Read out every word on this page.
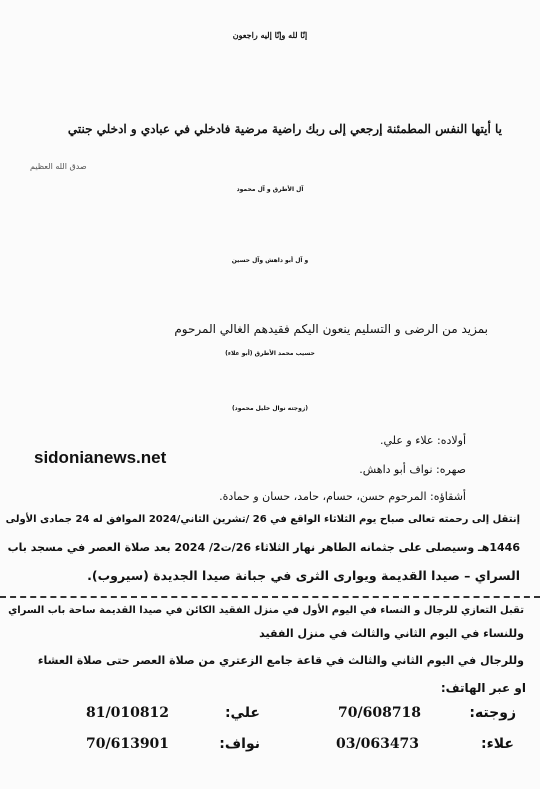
إنّا لله وإنّا إليه راجعون
يا أيتها النفس المطمئنة إرجعي إلى ربك راضية مرضية فادخلي في عبادي و ادخلي جنتي
صدق الله العظيم
آل الأطرق و آل محمود
و آل أبو داهش وآل حسين
بمزيد من الرضى و التسليم ينعون اليكم فقيدهم الغالي المرحوم
حسيب محمد الأطرق (أبو علاء)
(زوجته نوال خليل محمود)
أولاده: علاء و علي.
sidonianews.net
صهره: نواف أبو داهش.
أشقاؤه: المرحوم حسن، حسام، حامد، حسان و حمادة.
إنتقل إلى رحمته تعالى صباح يوم الثلاثاء الواقع في 26 /تشرين الثاني/2024 الموافق له 24 جمادى الأولى
1446هـ وسيصلى على جثمانه الطاهر نهار الثلاثاء 26/ت2/ 2024 بعد صلاة العصر في مسجد باب
السراي – صيدا القديمة ويوارى الثرى في جبانة صيدا الجديدة (سيروب).
تقبل التعازي للرجال و النساء في اليوم الأول في منزل الفقيد الكائن في صيدا القديمة ساحة باب السراي
وللنساء في اليوم الثاني والثالث في منزل الفقيد
وللرجال في اليوم الثاني والثالث في قاعة جامع الزعتري من صلاة العصر حتى صلاة العشاء
او عبر الهاتف:
زوجته:
70/608718
علي:
81/010812
علاء:
03/063473
نواف:
70/613901
